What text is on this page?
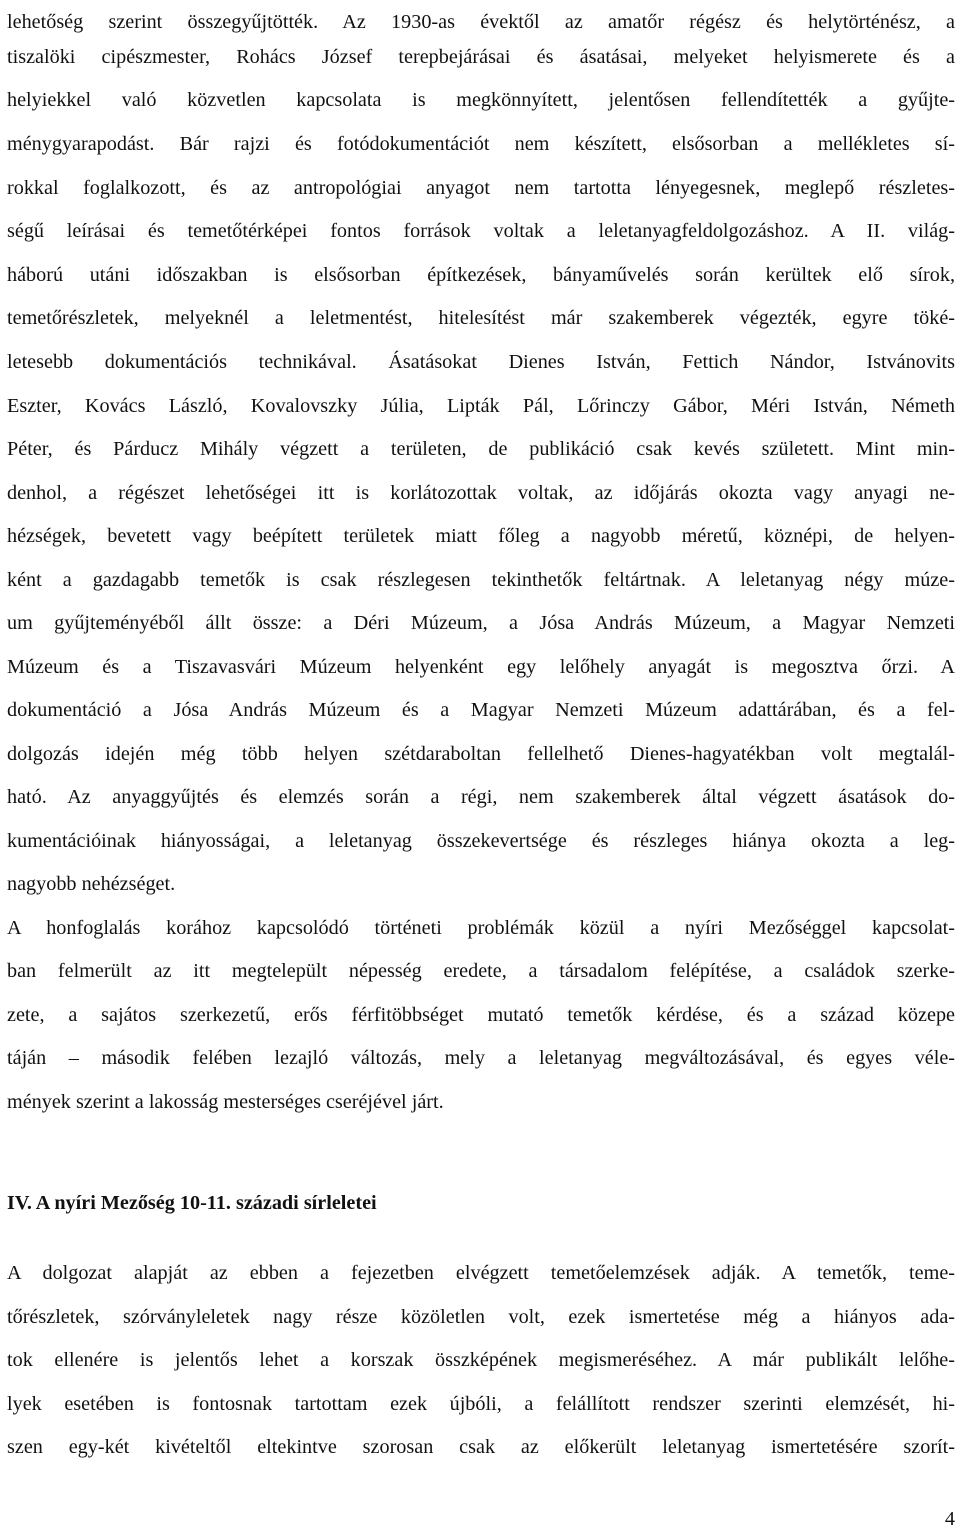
lehetőség szerint összegyűjtötték. Az 1930-as évektől az amatőr régész és helytörténész, a
tiszalöki cipészmester, Rohács József terepbejárásai és ásatásai, melyeket helyismerete és a
helyiekkel való közvetlen kapcsolata is megkönnyített, jelentősen fellendítették a gyűjte-
ménygyarapodást. Bár rajzi és fotódokumentációt nem készített, elsősorban a mellékletes sí-
rokkal foglalkozott, és az antropológiai anyagot nem tartotta lényegesnek, meglepő részletes-
ségű leírásai és temetőtérképei fontos források voltak a leletanyagfeldolgozáshoz. A II. világ-
háború utáni időszakban is elsősorban építkezések, bányaművelés során kerültek elő sírok,
temetőrészletek, melyeknél a leletmentést, hitelesítést már szakemberek végezték, egyre töké-
letesebb dokumentációs technikával. Ásatásokat Dienes István, Fettich Nándor, Istvánovits
Eszter, Kovács László, Kovalovszky Júlia, Lipták Pál, Lőrinczy Gábor, Méri István, Németh
Péter, és Párducz Mihály végzett a területen, de publikáció csak kevés született. Mint min-
denhol, a régészet lehetőségei itt is korlátozottak voltak, az időjárás okozta vagy anyagi ne-
hézségek, bevetett vagy beépített területek miatt főleg a nagyobb méretű, köznépi, de helyen-
ként a gazdagabb temetők is csak részlegesen tekinthetők feltártnak. A leletanyag négy múze-
um gyűjteményéből állt össze: a Déri Múzeum, a Jósa András Múzeum, a Magyar Nemzeti
Múzeum és a Tiszavasvári Múzeum helyenként egy lelőhely anyagát is megosztva őrzi. A
dokumentáció a Jósa András Múzeum és a Magyar Nemzeti Múzeum adattárában, és a fel-
dolgozás idején még több helyen szétdaraboltan fellelhető Dienes-hagyatékban volt megtalál-
ható. Az anyaggyűjtés és elemzés során a régi, nem szakemberek által végzett ásatások do-
kumentációinak hiányosságai, a leletanyag összekevertsége és részleges hiánya okozta a leg-
nagyobb nehézséget.
A honfoglalás korához kapcsolódó történeti problémák közül a nyíri Mezőséggel kapcsolat-
ban felmerült az itt megtelepült népesség eredete, a társadalom felépítése, a családok szerke-
zete, a sajátos szerkezetű, erős férfitöbbséget mutató temetők kérdése, és a század közepe
táján – második felében lezajló változás, mely a leletanyag megváltozásával, és egyes véle-
mények szerint a lakosság mesterséges cseréjével járt.
IV. A nyíri Mezőség 10-11. századi sírleletei
A dolgozat alapját az ebben a fejezetben elvégzett temetőelemzések adják. A temetők, teme-
tőrészletek, szórványleletek nagy része közöletlen volt, ezek ismertetése még a hiányos ada-
tok ellenére is jelentős lehet a korszak összképének megismeréséhez. A már publikált lelőhe-
lyek esetében is fontosnak tartottam ezek újbóli, a felállított rendszer szerinti elemzését, hi-
szen egy-két kivételtől eltekintve szorosan csak az előkerült leletanyag ismertetésére szorít-
4
